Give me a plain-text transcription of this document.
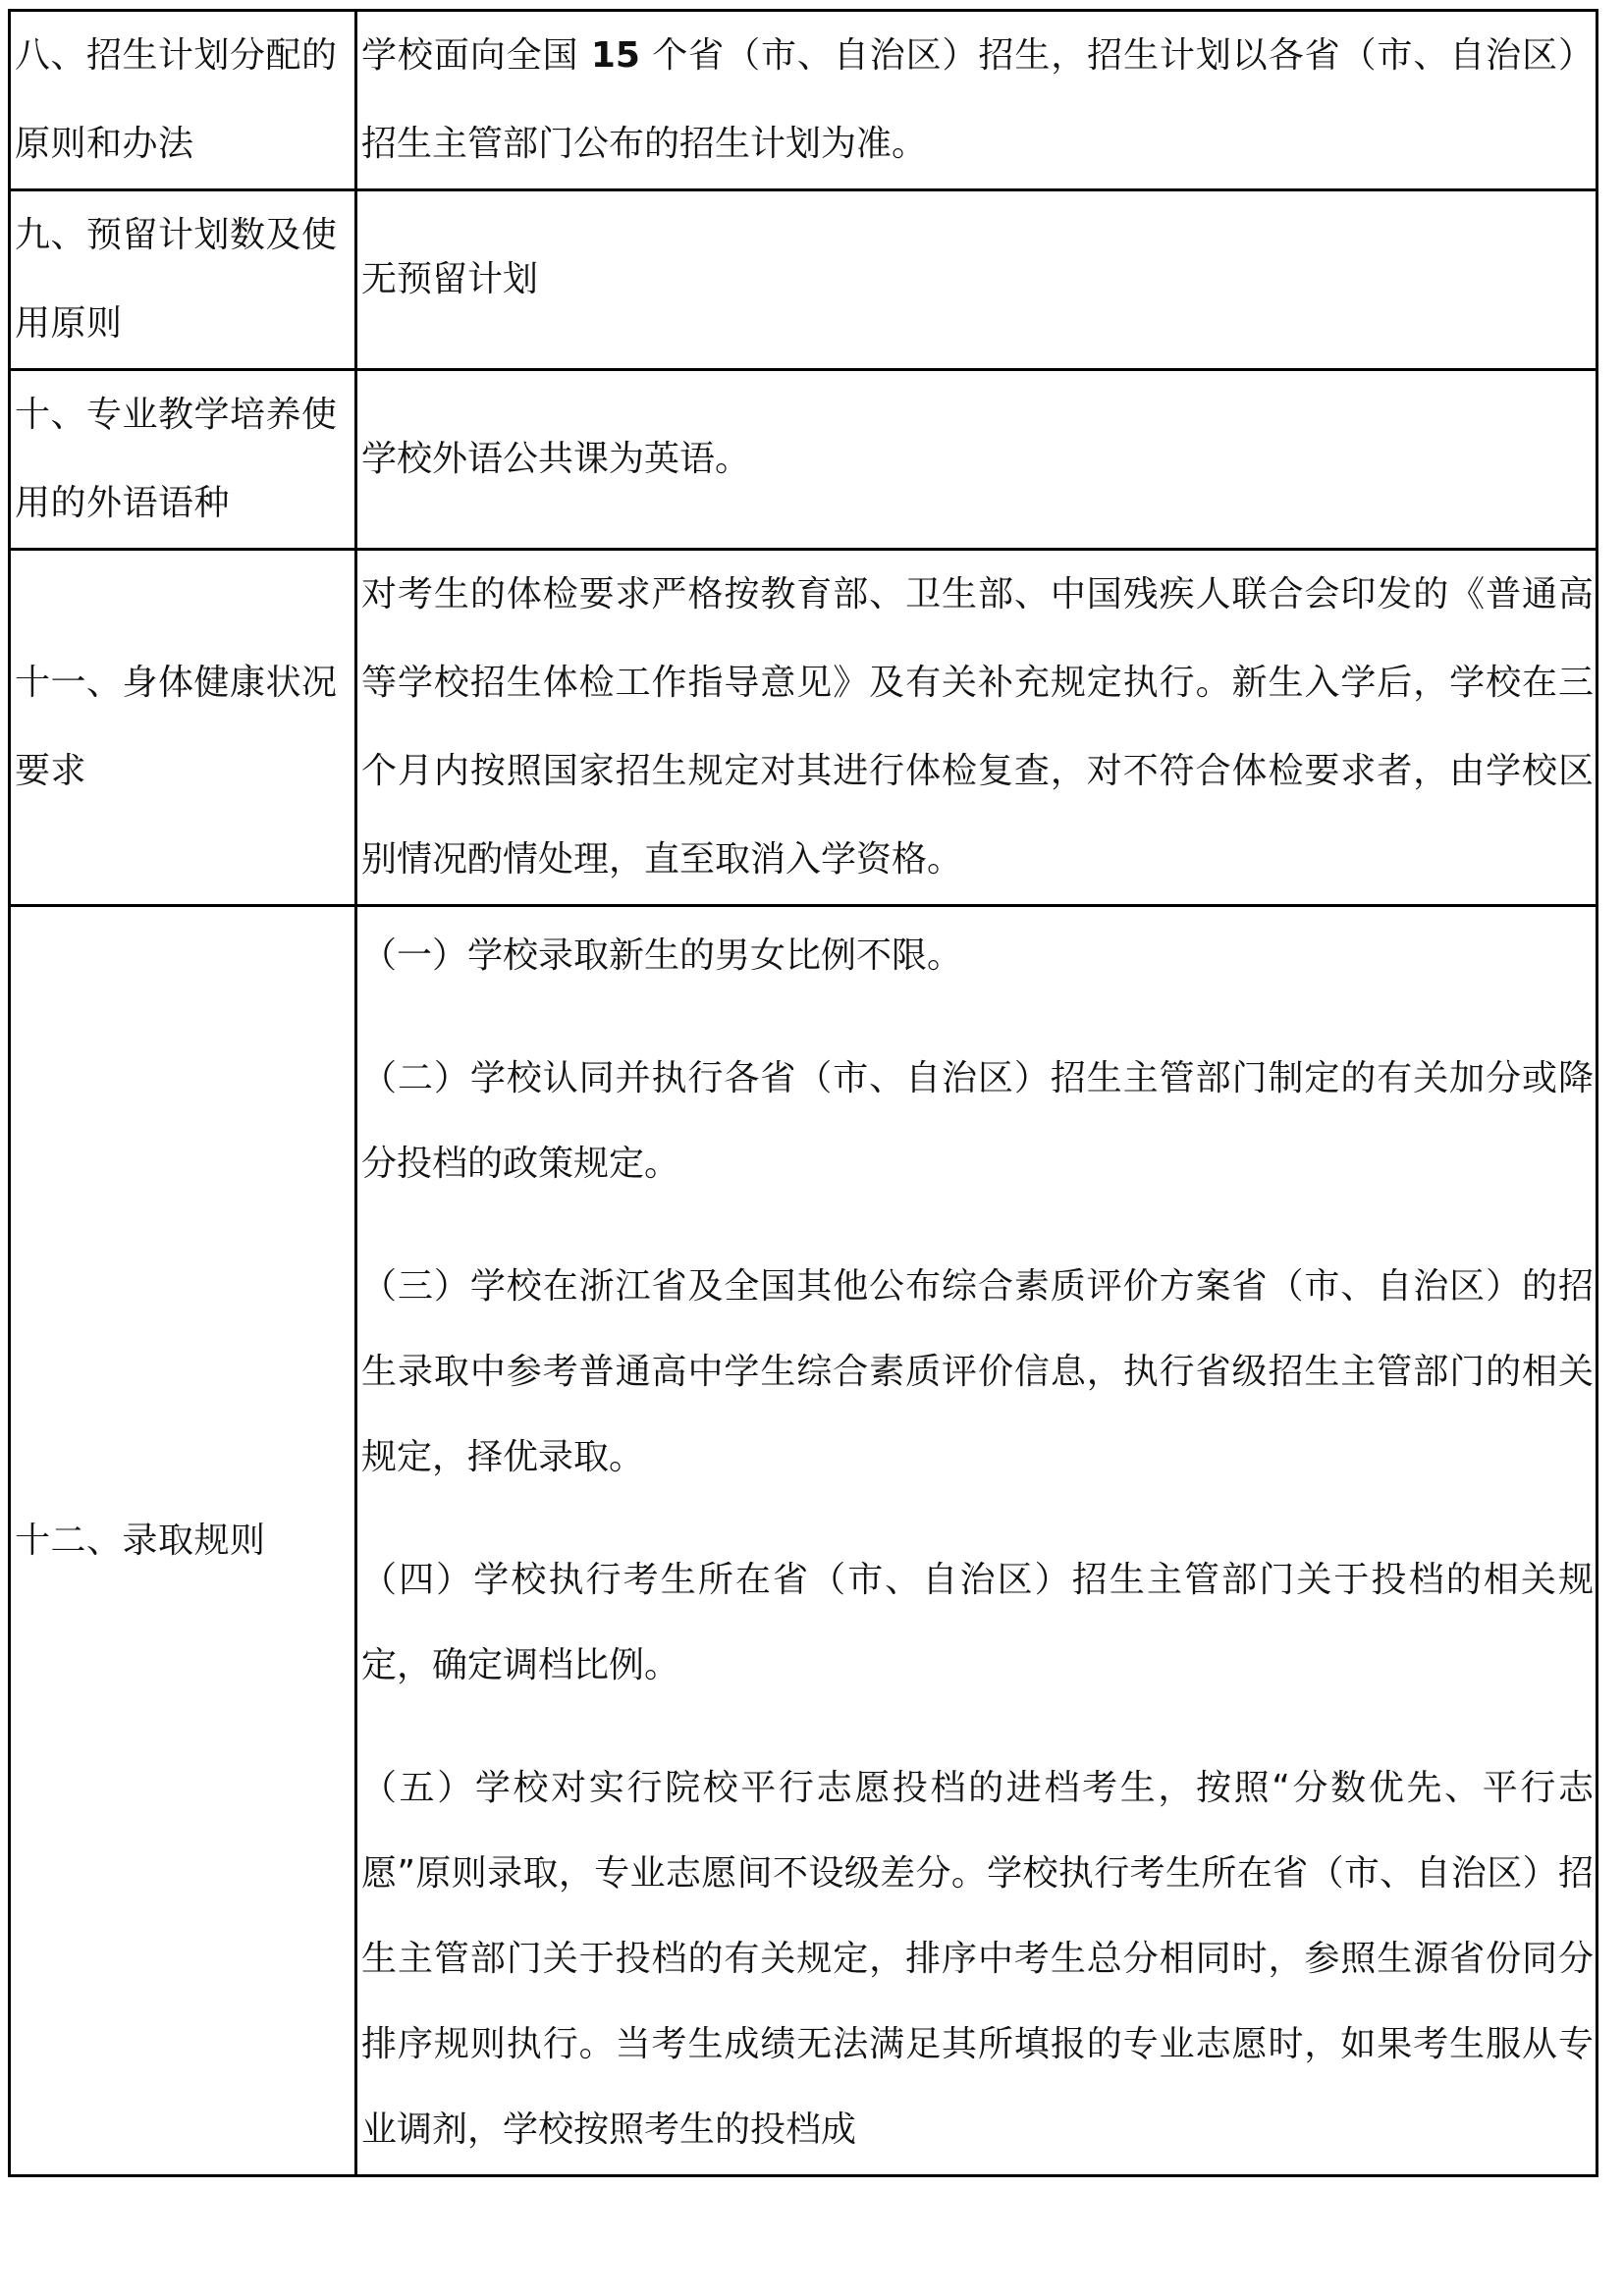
八、招生计划分配的原则和办法	学校面向全国 15 个省（市、自治区）招生，招生计划以各省（市、自治区）招生主管部门公布的招生计划为准。
九、预留计划数及使用原则	无预留计划
十、专业教学培养使用的外语语种	学校外语公共课为英语。
十一、身体健康状况要求	对考生的体检要求严格按教育部、卫生部、中国残疾人联合会印发的《普通高等学校招生体检工作指导意见》及有关补充规定执行。新生入学后，学校在三个月内按照国家招生规定对其进行体检复查，对不符合体检要求者，由学校区别情况酌情处理，直至取消入学资格。
十二、录取规则	（一）学校录取新生的男女比例不限。

（二）学校认同并执行各省（市、自治区）招生主管部门制定的有关加分或降分投档的政策规定。

（三）学校在浙江省及全国其他公布综合素质评价方案省（市、自治区）的招生录取中参考普通高中学生综合素质评价信息，执行省级招生主管部门的相关规定，择优录取。

（四）学校执行考生所在省（市、自治区）招生主管部门关于投档的相关规定，确定调档比例。

（五）学校对实行院校平行志愿投档的进档考生，按照“分数优先、平行志愿”原则录取，专业志愿间不设级差分。学校执行考生所在省（市、自治区）招生主管部门关于投档的有关规定，排序中考生总分相同时，参照生源省份同分排序规则执行。当考生成绩无法满足其所填报的专业志愿时，如果考生服从专业调剂，学校按照考生的投档成
